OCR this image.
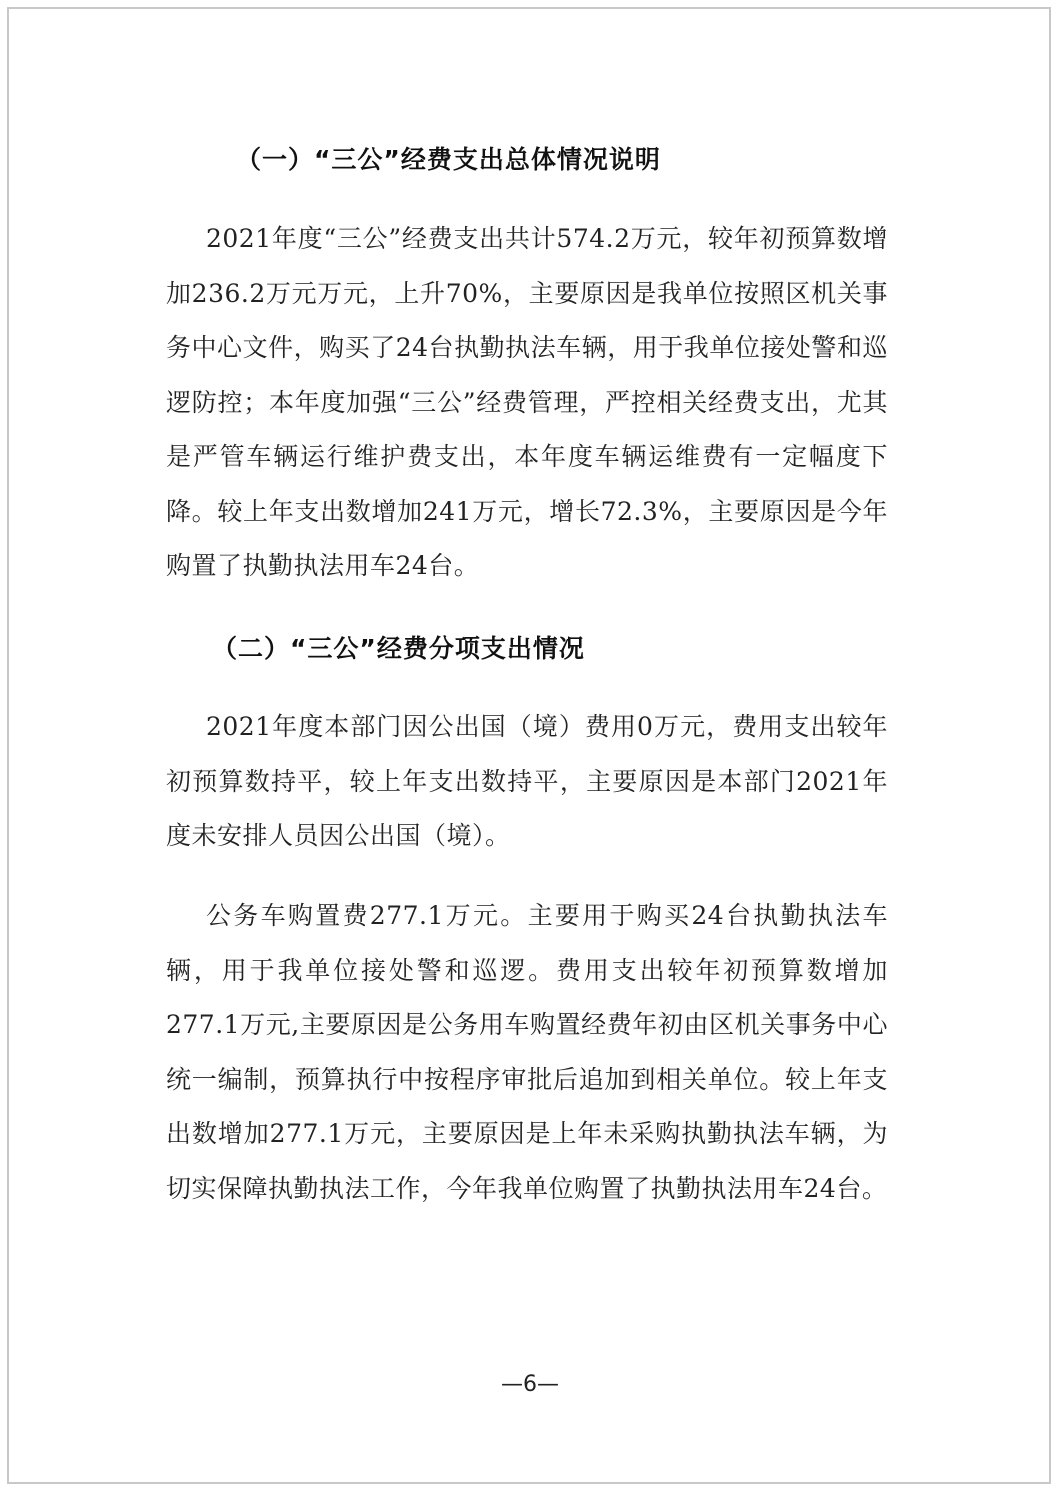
（一）“三公”经费支出总体情况说明

2021年度“三公”经费支出共计574.2万元，较年初预算数增加236.2万元万元，上升70%，主要原因是我单位按照区机关事务中心文件，购买了24台执勤执法车辆，用于我单位接处警和巡逻防控；本年度加强“三公”经费管理，严控相关经费支出，尤其是严管车辆运行维护费支出，本年度车辆运维费有一定幅度下降。较上年支出数增加241万元，增长72.3%，主要原因是今年购置了执勤执法用车24台。

（二）“三公”经费分项支出情况

2021年度本部门因公出国（境）费用0万元，费用支出较年初预算数持平，较上年支出数持平，主要原因是本部门2021年度未安排人员因公出国（境）。

公务车购置费277.1万元。主要用于购买24台执勤执法车辆，用于我单位接处警和巡逻。费用支出较年初预算数增加277.1万元,主要原因是公务用车购置经费年初由区机关事务中心统一编制，预算执行中按程序审批后追加到相关单位。较上年支出数增加277.1万元，主要原因是上年未采购执勤执法车辆，为切实保障执勤执法工作，今年我单位购置了执勤执法用车24台。

—6—
